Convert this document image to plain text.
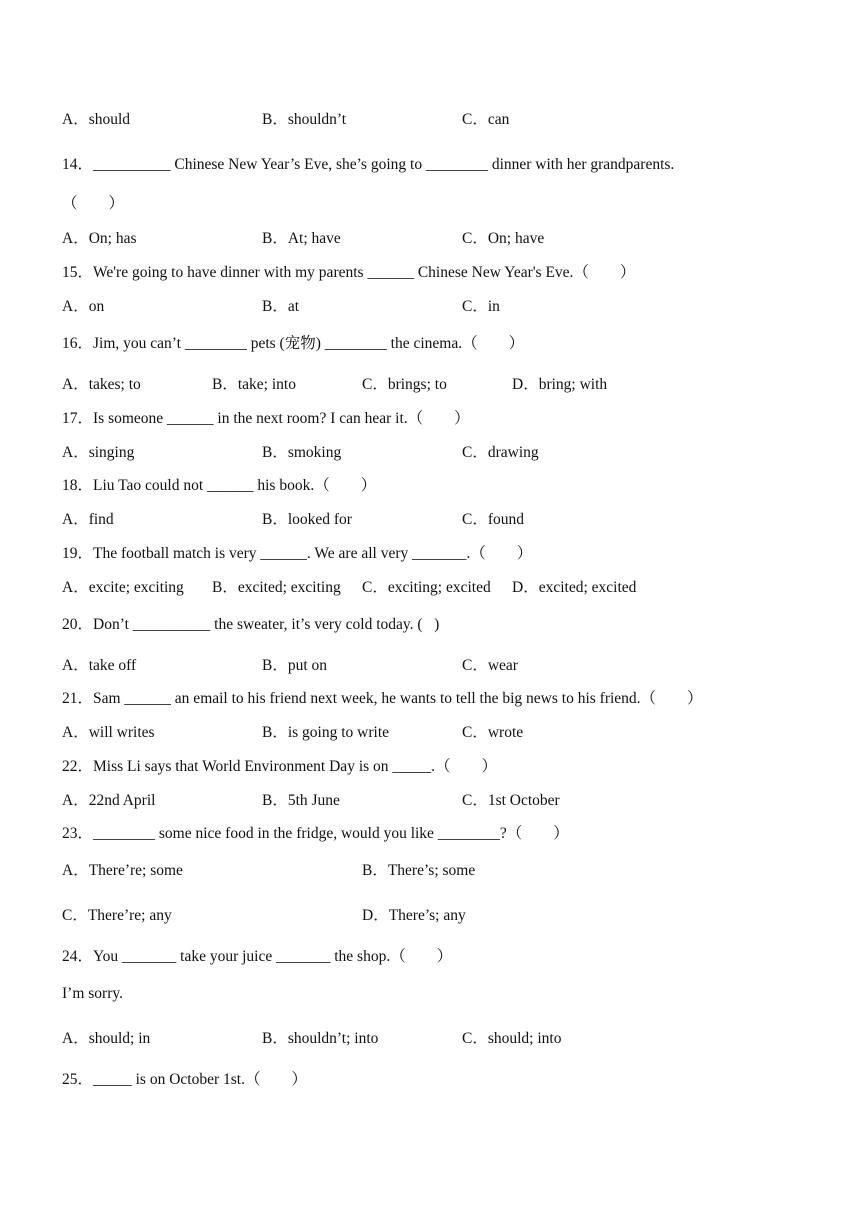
A．should	B．shouldn’t	C．can
14．__________ Chinese New Year’s Eve, she’s going to ________ dinner with her grandparents.
（　　）
A．On; has	B．At; have	C．On; have
15．We're going to have dinner with my parents ______ Chinese New Year's Eve.（　　）
A．on	B．at	C．in
16．Jim, you can’t ________ pets (宠物) ________ the cinema.（　　）
A．takes; to	B．take; into	C．brings; to	D．bring; with
17．Is someone ______ in the next room? I can hear it.（　　）
A．singing	B．smoking	C．drawing
18．Liu Tao could not ______ his book.（　　）
A．find	B．looked for	C．found
19．The football match is very ______. We are all very _______.（　　）
A．excite; exciting B．excited; exciting C．exciting; excited D．excited; excited
20．Don’t __________ the sweater, it’s very cold today. (   )
A．take off	B．put on	C．wear
21．Sam ______ an email to his friend next week, he wants to tell the big news to his friend.（　　）
A．will writes	B．is going to write	C．wrote
22．Miss Li says that World Environment Day is on _____.（　　）
A．22nd April	B．5th June	C．1st October
23．________ some nice food in the fridge, would you like ________?（　　）
A．There’re; some	B．There’s; some
C．There’re; any	D．There’s; any
24．You _______ take your juice _______ the shop.（　　）
I’m sorry.
A．should; in	B．shouldn’t; into	C．should; into
25．_____ is on October 1st.（　　）
